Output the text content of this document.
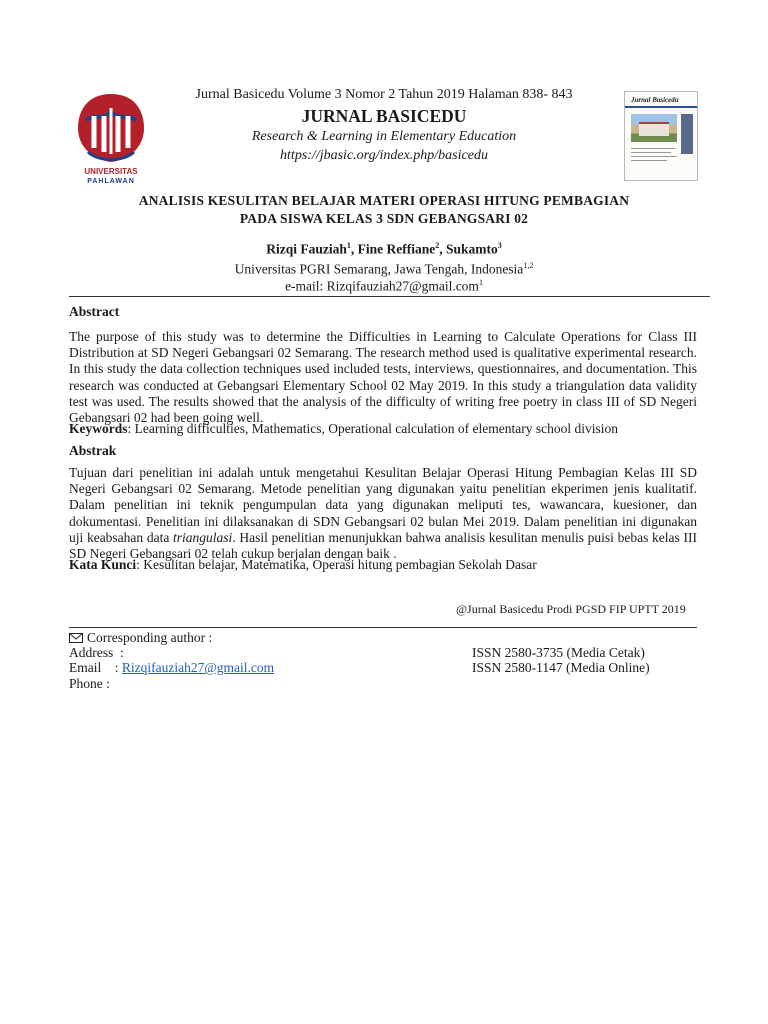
UNIVERSITAS
PAHLAWAN
Jurnal Basicedu Volume 3 Nomor 2 Tahun 2019 Halaman 838- 843
JURNAL BASICEDU
Research & Learning in Elementary Education
https://jbasic.org/index.php/basicedu
Jurnal Basicedu
ANALISIS KESULITAN BELAJAR MATERI OPERASI HITUNG PEMBAGIAN
PADA SISWA KELAS 3 SDN GEBANGSARI 02
Rizqi Fauziah$^1$, Fine Reffiane$^2$, Sukamto$^3$
Universitas PGRI Semarang, Jawa Tengah, Indonesia$^{1,2}$
e-mail: Rizqifauziah27@gmail.com$^1$
Abstract
The purpose of this study was to determine the Difficulties in Learning to Calculate Operations for Class III Distribution at SD Negeri Gebangsari 02 Semarang. The research method used is qualitative experimental research. In this study the data collection techniques used included tests, interviews, questionnaires, and documentation. This research was conducted at Gebangsari Elementary School 02 May 2019. In this study a triangulation data validity test was used. The results showed that the analysis of the difficulty of writing free poetry in class III of SD Negeri Gebangsari 02 had been going well.
Keywords: Learning difficulties, Mathematics, Operational calculation of elementary school division
Abstrak
Tujuan dari penelitian ini adalah untuk mengetahui Kesulitan Belajar Operasi Hitung Pembagian Kelas III SD Negeri Gebangsari 02 Semarang. Metode penelitian yang digunakan yaitu penelitian ekperimen jenis kualitatif. Dalam penelitian ini teknik pengumpulan data yang digunakan meliputi tes, wawancara, kuesioner, dan dokumentasi. Penelitian ini dilaksanakan di SDN Gebangsari 02 bulan Mei 2019. Dalam penelitian ini digunakan uji keabsahan data triangulasi. Hasil penelitian menunjukkan bahwa analisis kesulitan menulis puisi bebas kelas III SD Negeri Gebangsari 02 telah cukup berjalan dengan baik .
Kata Kunci: Kesulitan belajar, Matematika, Operasi hitung pembagian Sekolah Dasar
@Jurnal Basicedu Prodi PGSD FIP UPTT 2019
Corresponding author :
Address  :
Email    : Rizqifauziah27@gmail.com
Phone :
ISSN 2580-3735 (Media Cetak)
ISSN 2580-1147 (Media Online)
